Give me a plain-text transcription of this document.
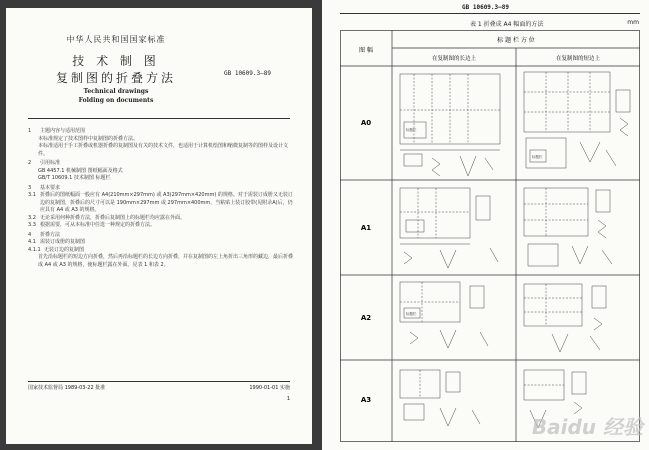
中华人民共和国国家标准
技 术 制 图
复制图的折叠方法	GB 10609.3—89
Technical drawings
Folding on documents
1	主题内容与适用范围
本标准规定了技术图样中复制图的折叠方法。
本标准适用于手工折叠或机器折叠的复制图及有关的技术文件，也适用于计算机绘图和缩微复制等的图样及设计文件。
2	引用标准
GB 4457.1 机械制图 图纸幅面及格式
GB/T 10609.1 技术制图 标题栏
3	基本要求
3.1 折叠后的图纸幅面一般应有 A4(210mm×297mm) 或 A3(297mm×420mm) 的规格。对于需装订成册又无装订边的复制图，折叠后的尺寸可以是 190mm×297mm 或 297mm×400mm，当粘贴上装订胶带(见附录A)后，仍应具有 A4 或 A3 的规格。
3.2 无论采用何种折叠方法，折叠后复制图上的标题栏均应露在外面。
3.3 根据需要，可从本标准中任选一种规定的折叠方法。
4	折叠方法
4.1 需装订成册的复制图
4.1.1 无装订边的复制图
首先沿标题栏的短边方向折叠，然后再沿标题栏的长边方向折叠，并在复制图的左上角折出三角形的藏边，最后折叠成 A4 或 A3 的规格，使标题栏露在外面。见表 1 和表 2。
国家技术监督局 1989-03-22 批准	1990-01-01 实施
1
GB 10609.3—89
表 1 折叠成 A4 幅面的方法	mm
图 幅
标 题 栏 方 位
在复制图的长边上	在复制图的短边上
A0
A1
A2
A3
标题栏
标题栏
标题栏
Baidu 经验
